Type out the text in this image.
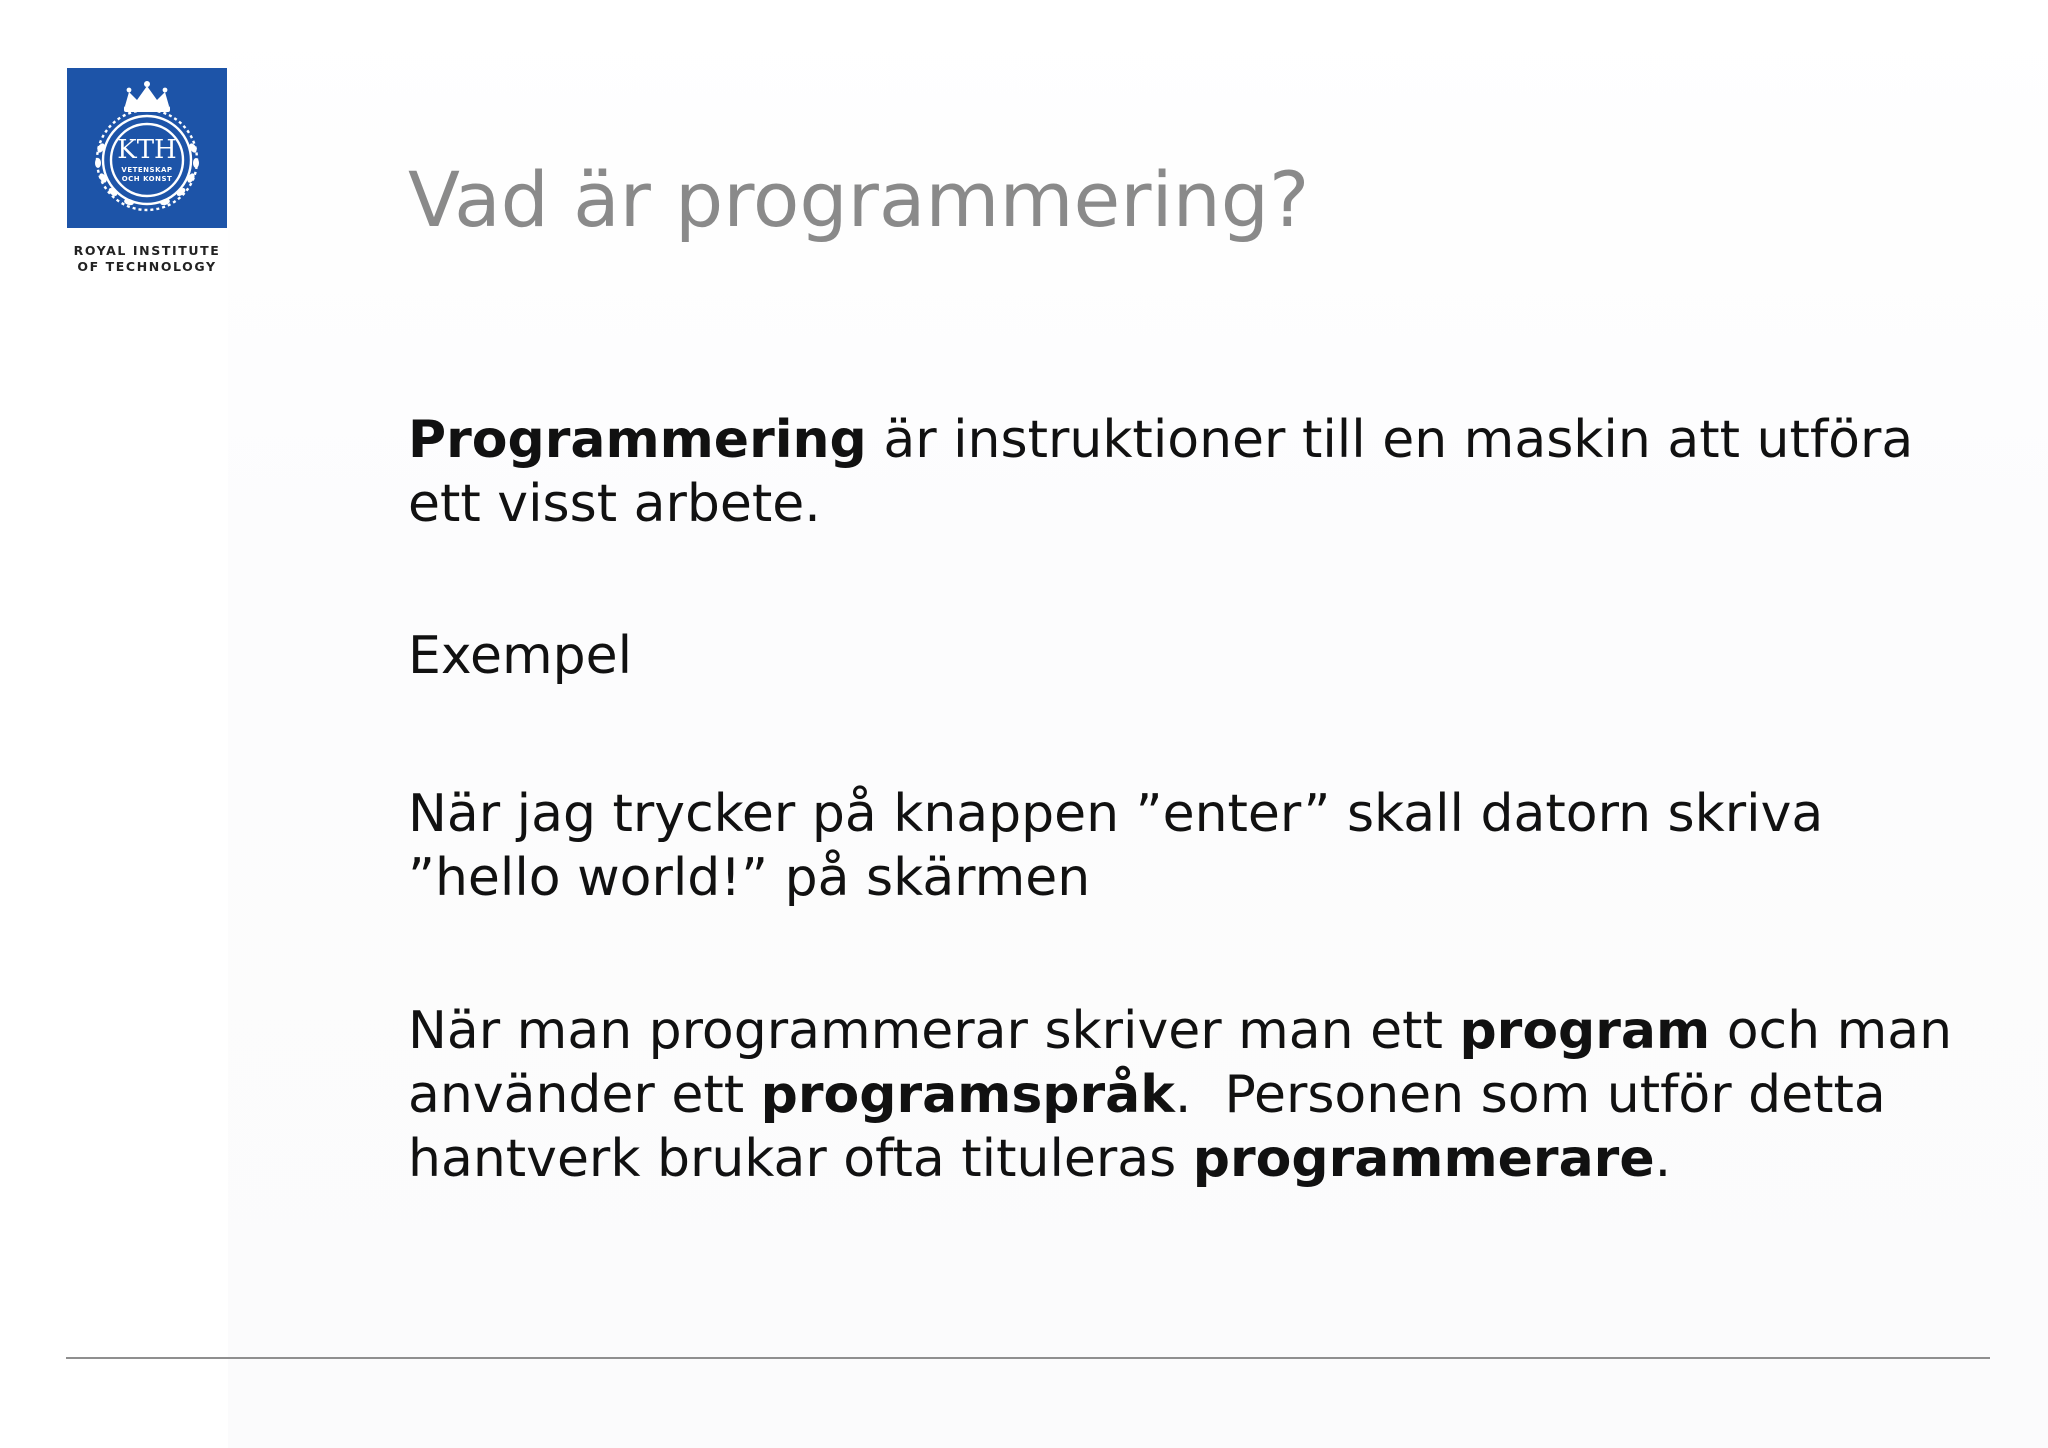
KTH
VETENSKAP
OCH KONST
ROYAL INSTITUTE
OF TECHNOLOGY
Vad är programmering?

Programmering är instruktioner till en maskin att utföra ett visst arbete.

Exempel

När jag trycker på knappen ”enter” skall datorn skriva ”hello world!” på skärmen

När man programmerar skriver man ett program och man använder ett programspråk.  Personen som utför detta hantverk brukar ofta tituleras programmerare.
